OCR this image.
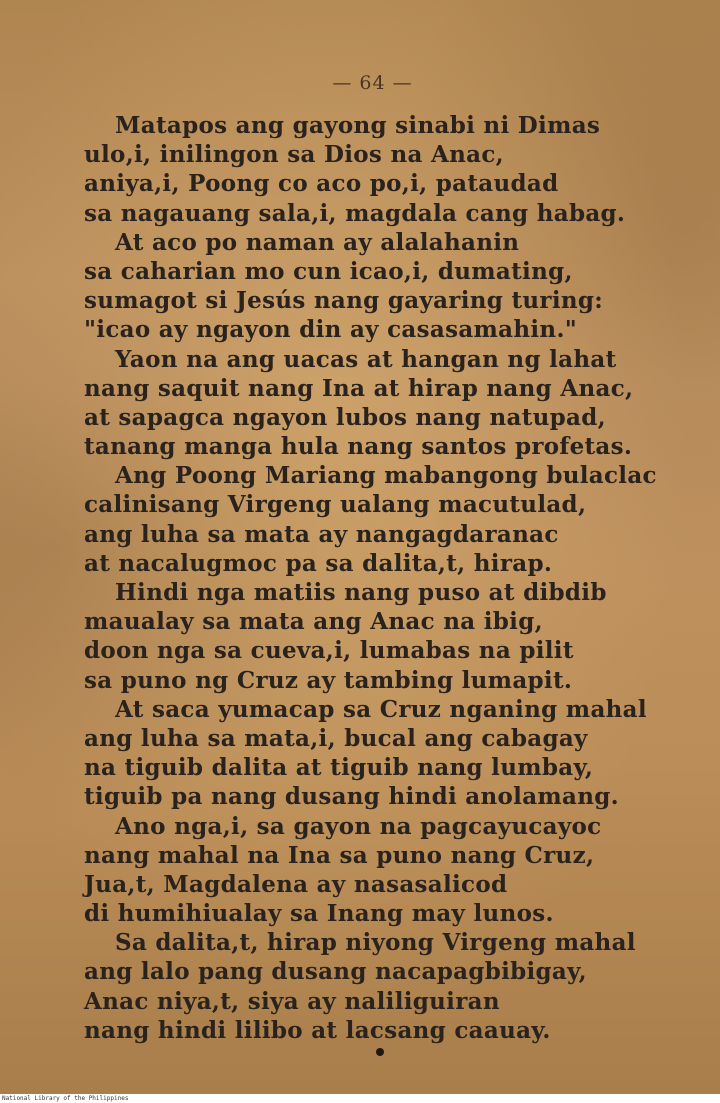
— 64 —
Matapos ang gayong sinabi ni Dimas
ulo,i, inilingon sa Dios na Anac,
aniya,i, Poong co aco po,i, pataudad
sa nagauang sala,i, magdala cang habag.
At aco po naman ay alalahanin
sa caharian mo cun icao,i, dumating,
sumagot si Jesús nang gayaring turing:
"icao ay ngayon din ay casasamahin."
Yaon na ang uacas at hangan ng lahat
nang saquit nang Ina at hirap nang Anac,
at sapagca ngayon lubos nang natupad,
tanang manga hula nang santos profetas.
Ang Poong Mariang mabangong bulaclac
calinisang Virgeng ualang macutulad,
ang luha sa mata ay nangagdaranac
at nacalugmoc pa sa dalita,t, hirap.
Hindi nga matiis nang puso at dibdib
maualay sa mata ang Anac na ibig,
doon nga sa cueva,i, lumabas na pilit
sa puno ng Cruz ay tambing lumapit.
At saca yumacap sa Cruz nganing mahal
ang luha sa mata,i, bucal ang cabagay
na tiguib dalita at tiguib nang lumbay,
tiguib pa nang dusang hindi anolamang.
Ano nga,i, sa gayon na pagcayucayoc
nang mahal na Ina sa puno nang Cruz,
Jua,t, Magdalena ay nasasalicod
di humihiualay sa Inang may lunos.
Sa dalita,t, hirap niyong Virgeng mahal
ang lalo pang dusang nacapagbibigay,
Anac niya,t, siya ay naliliguiran
nang hindi lilibo at lacsang caauay.
National Library of the Philippines
